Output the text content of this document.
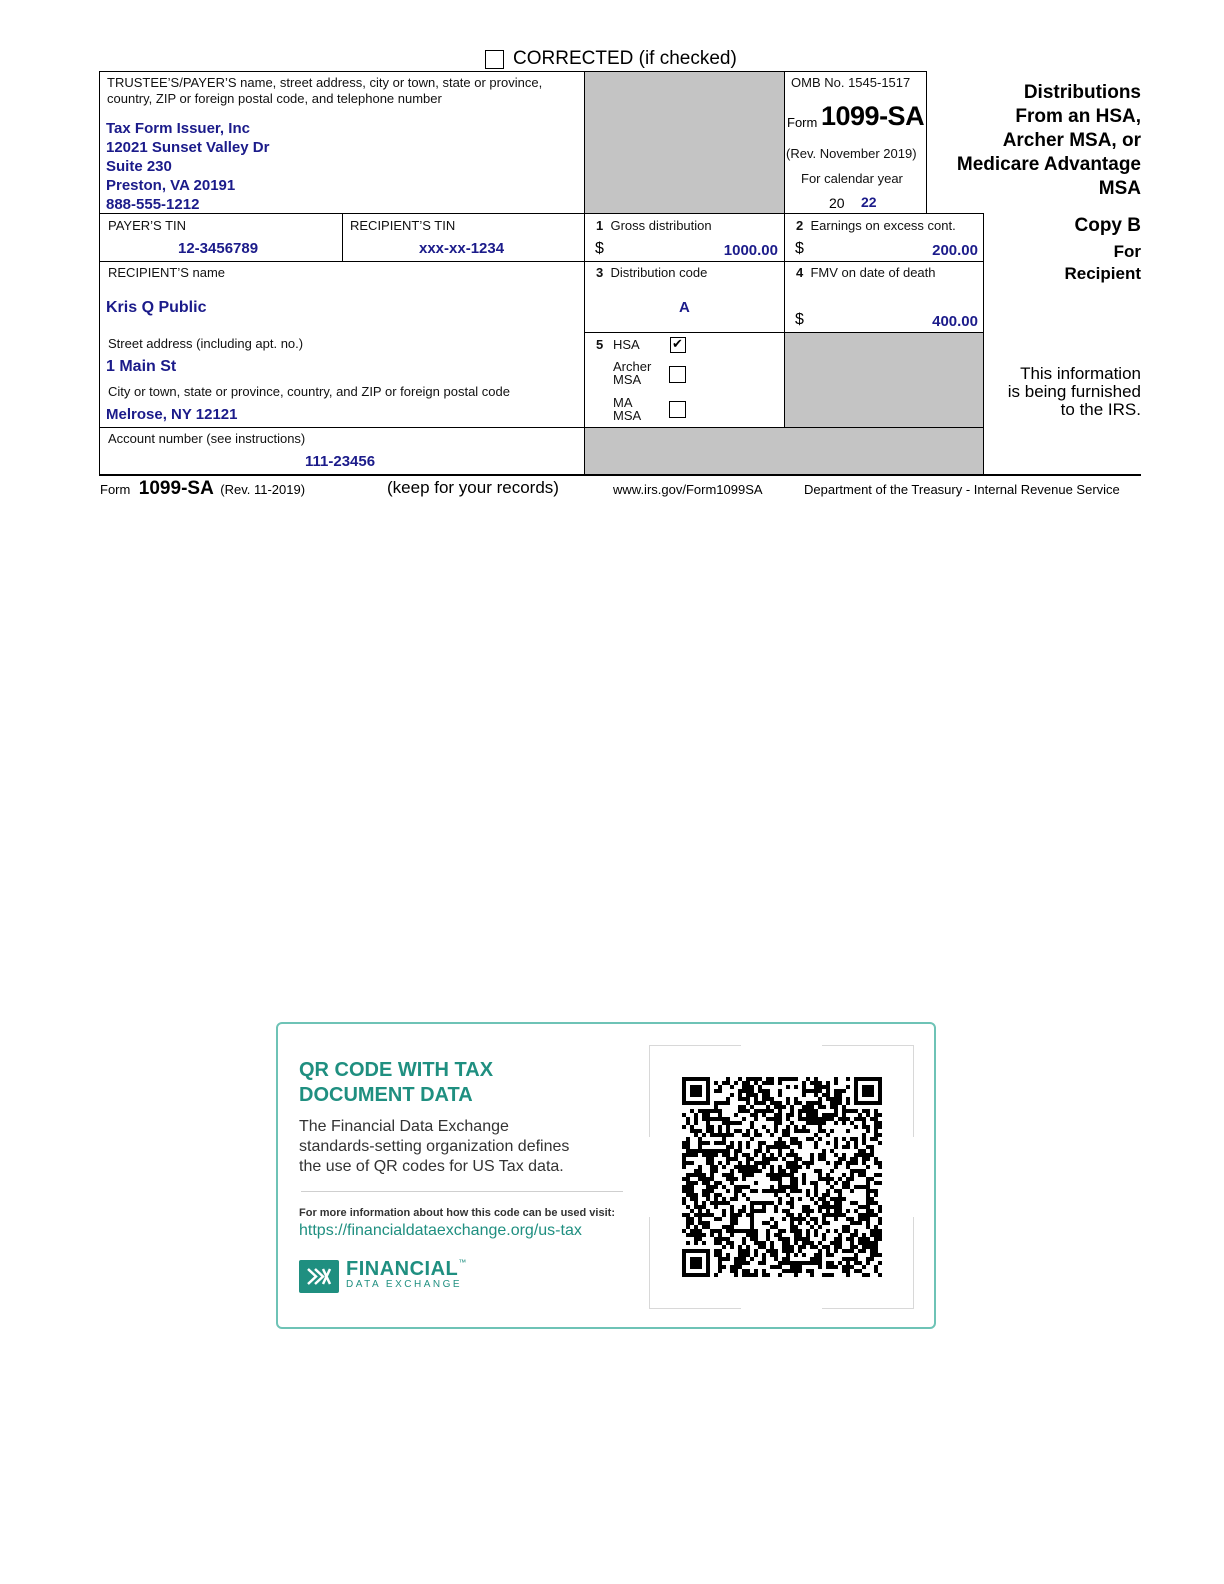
CORRECTED (if checked)
TRUSTEE’S/PAYER’S name, street address, city or town, state or province, country, ZIP or foreign postal code, and telephone number
Tax Form Issuer, Inc
12021 Sunset Valley Dr
Suite 230
Preston, VA 20191
888-555-1212
OMB No. 1545-1517
Form 1099-SA
(Rev. November 2019)
For calendar year
20 22
Distributions
From an HSA,
Archer MSA, or
Medicare Advantage
MSA
PAYER’S TIN
12-3456789
RECIPIENT’S TIN
xxx-xx-1234
1 Gross distribution
$	1000.00
2 Earnings on excess cont.
$	200.00
RECIPIENT’S name
Kris Q Public
3 Distribution code
A
4 FMV on date of death
$	400.00
Street address (including apt. no.)
1 Main St
City or town, state or province, country, and ZIP or foreign postal code
Melrose, NY 12121
5 HSA ✔
Archer
MSA
MA
MSA
Account number (see instructions)
111-23456
Copy B
For
Recipient
This information
is being furnished
to the IRS.
Form 1099-SA (Rev. 11-2019)	(keep for your records)	www.irs.gov/Form1099SA	Department of the Treasury - Internal Revenue Service
QR CODE WITH TAX
DOCUMENT DATA
The Financial Data Exchange
standards-setting organization defines
the use of QR codes for US Tax data.
For more information about how this code can be used visit:
https://financialdataexchange.org/us-tax
FINANCIAL™
DATA EXCHANGE
